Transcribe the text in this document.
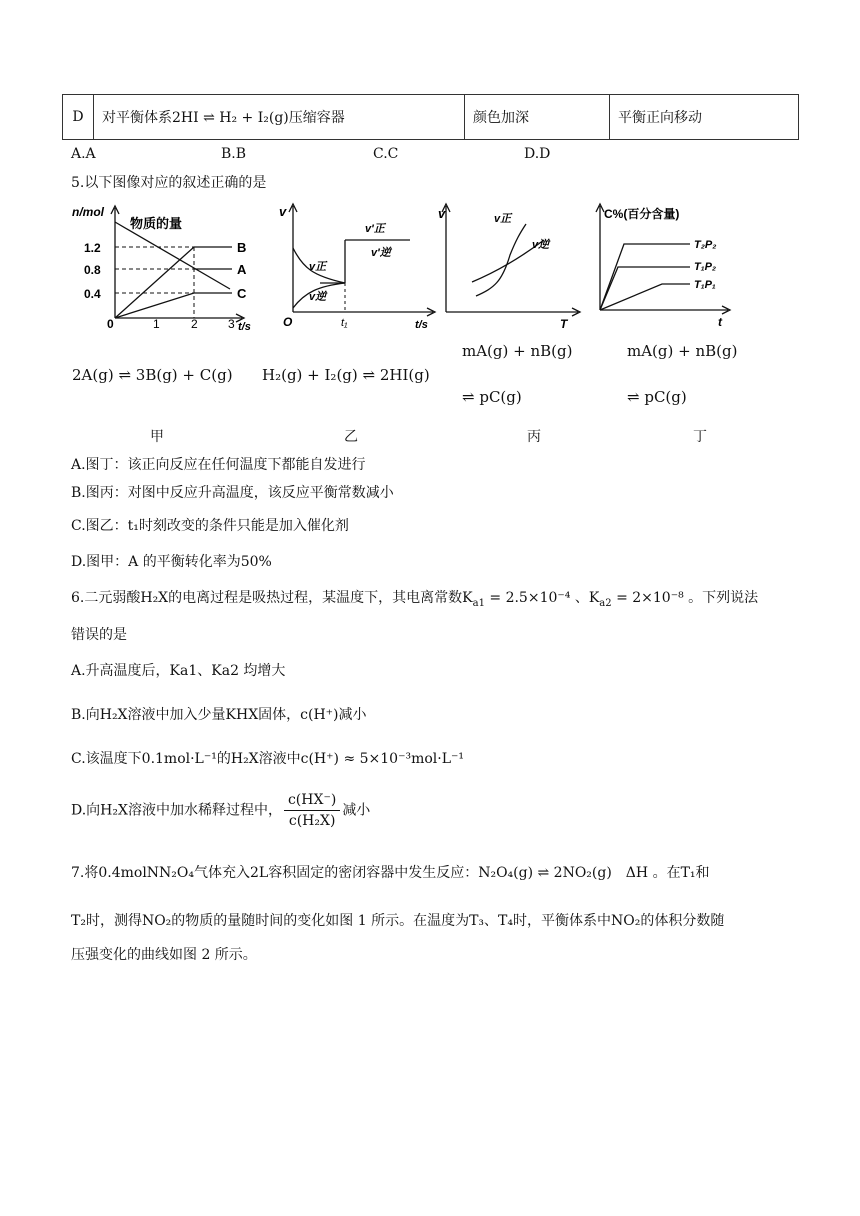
D	对平衡体系2HI ⇌ H₂ + I₂(g)压缩容器	颜色加深	平衡正向移动
A.A	B.B	C.C	D.D
5.以下图像对应的叙述正确的是
n/mol
物质的量
1.2
0.8
0.4
0	1	2	3 t/s
B
A
C
v
v正
v逆
v′正
v′逆
O	t₁	t/s
v	v正
v逆
T
C%(百分含量)
T₂P₂
T₁P₂
T₁P₁
t
2A(g) ⇌ 3B(g) + C(g) H₂(g) + I₂(g) ⇌ 2HI(g)
mA(g) + nB(g)
⇌ pC(g)
mA(g) + nB(g)
⇌ pC(g)
甲	乙	丙	丁
A.图丁：该正向反应在任何温度下都能自发进行
B.图丙：对图中反应升高温度，该反应平衡常数减小
C.图乙：t₁时刻改变的条件只能是加入催化剂
D.图甲：A 的平衡转化率为50%
6.二元弱酸H₂X的电离过程是吸热过程，某温度下，其电离常数$K_{a1} = 2.5\times 10^{-4}$ 、$K_{a2} = 2\times 10^{-8}$ 。下列说法
错误的是
A.升高温度后，Ka1、Ka2 均增大
B.向H₂X溶液中加入少量KHX固体，c(H⁺)减小
C.该温度下0.1mol·L⁻¹的H₂X溶液中c(H⁺) ≈ 5×10⁻³mol·L⁻¹
D.向H₂X溶液中加水稀释过程中， $\frac{c(HX^-)}{\text{c(H₂X)}}$ 减小
7.将0.4molNN₂O₄气体充入2L容积固定的密闭容器中发生反应：N₂O₄(g) ⇌ 2NO₂(g)　ΔH 。在T₁和
T₂时，测得NO₂的物质的量随时间的变化如图 1 所示。在温度为T₃、T₄时，平衡体系中NO₂的体积分数随
压强变化的曲线如图 2 所示。
